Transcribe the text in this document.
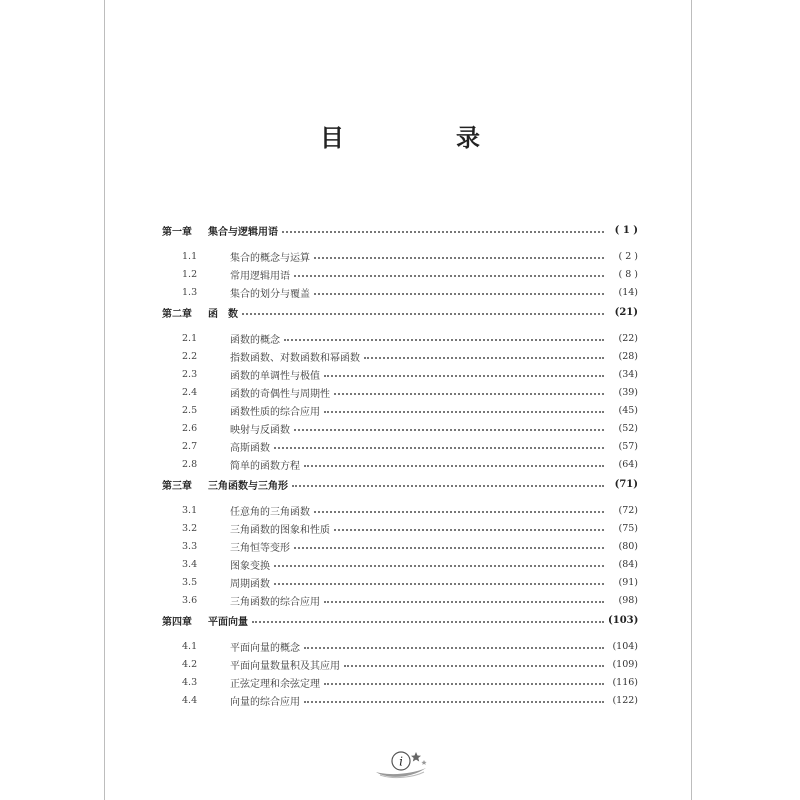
目　录
第一章	集合与逻辑用语	( 1 )
1.1	集合的概念与运算	( 2 )
1.2	常用逻辑用语	( 8 )
1.3	集合的划分与覆盖	(14)
第二章	函　数	(21)
2.1	函数的概念	(22)
2.2	指数函数、对数函数和幂函数	(28)
2.3	函数的单调性与极值	(34)
2.4	函数的奇偶性与周期性	(39)
2.5	函数性质的综合应用	(45)
2.6	映射与反函数	(52)
2.7	高斯函数	(57)
2.8	简单的函数方程	(64)
第三章	三角函数与三角形	(71)
3.1	任意角的三角函数	(72)
3.2	三角函数的图象和性质	(75)
3.3	三角恒等变形	(80)
3.4	图象变换	(84)
3.5	周期函数	(91)
3.6	三角函数的综合应用	(98)
第四章	平面向量	(103)
4.1	平面向量的概念	(104)
4.2	平面向量数量积及其应用	(109)
4.3	正弦定理和余弦定理	(116)
4.4	向量的综合应用	(122)
i
